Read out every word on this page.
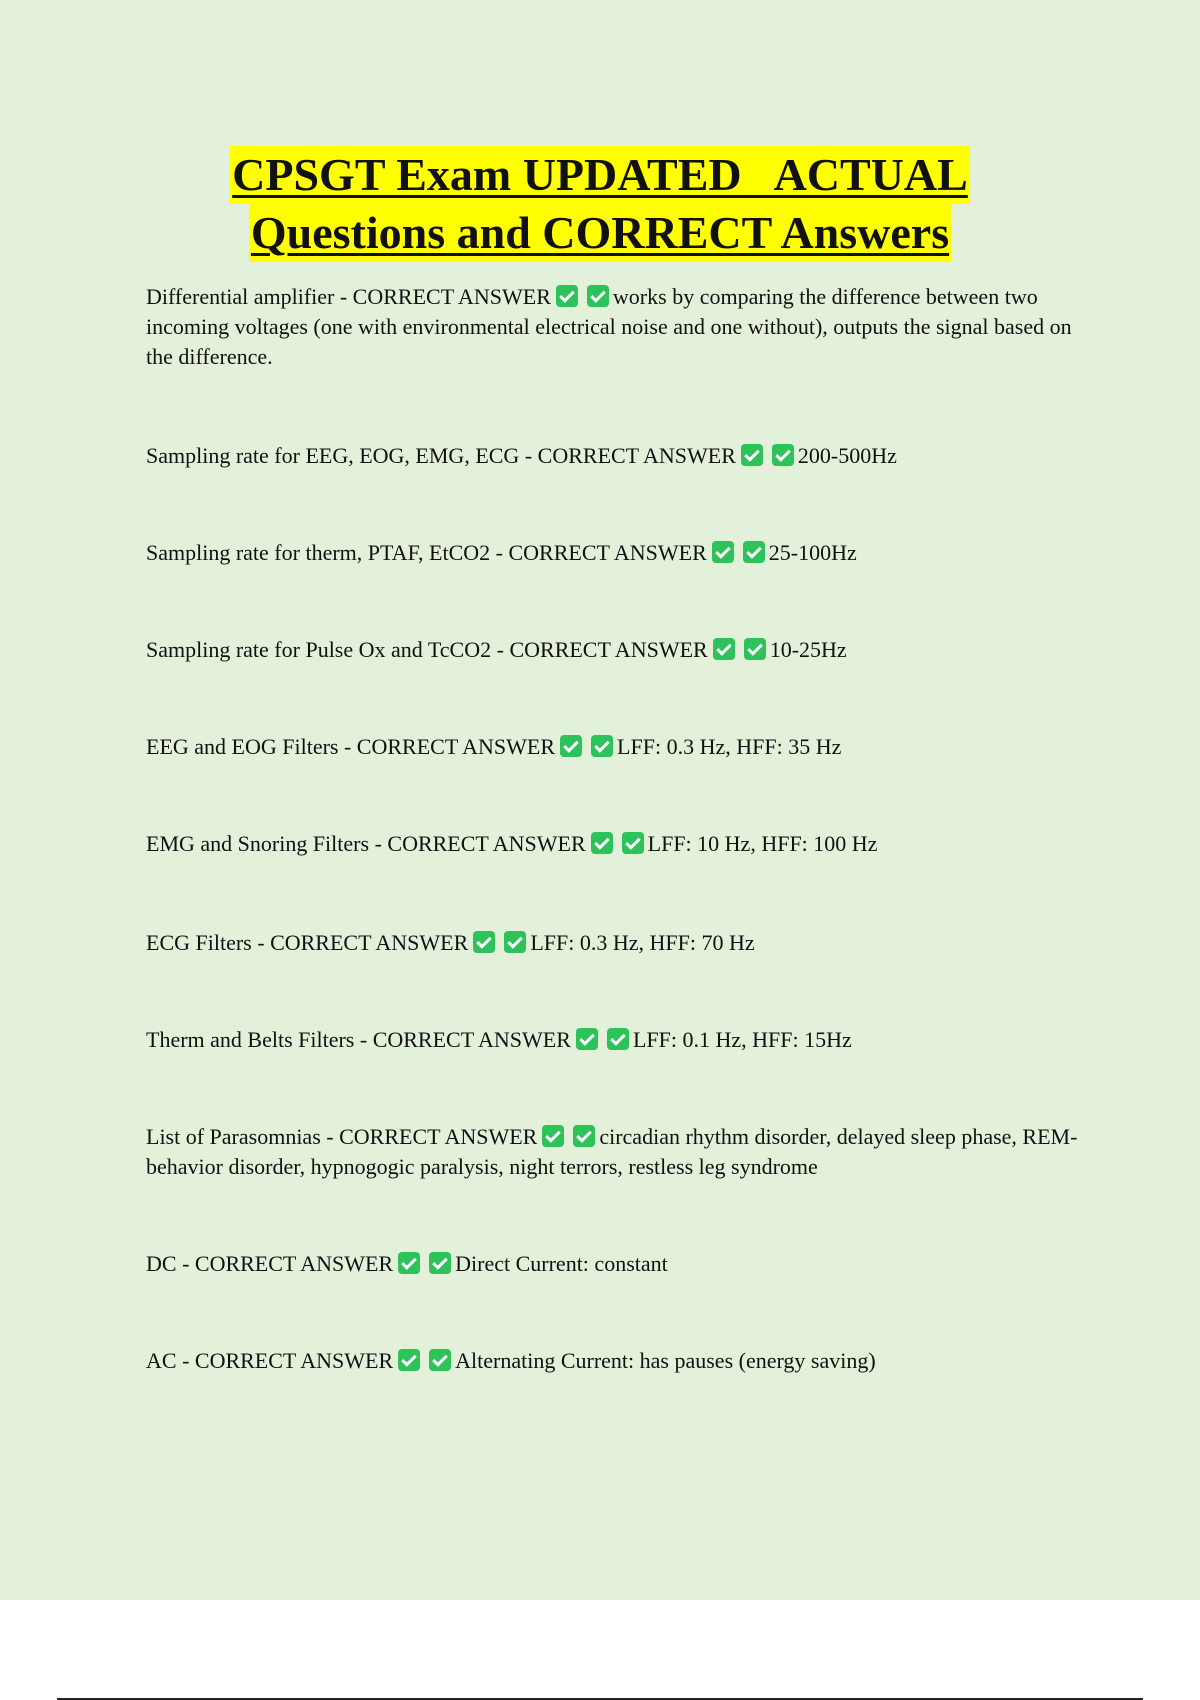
CPSGT Exam UPDATED   ACTUAL
Questions and CORRECT Answers

Differential amplifier - CORRECT ANSWER	works by comparing the difference between two incoming voltages (one with environmental electrical noise and one without), outputs the signal based on the difference.

Sampling rate for EEG, EOG, EMG, ECG - CORRECT ANSWER	200-500Hz

Sampling rate for therm, PTAF, EtCO2 - CORRECT ANSWER	25-100Hz

Sampling rate for Pulse Ox and TcCO2 - CORRECT ANSWER	10-25Hz

EEG and EOG Filters - CORRECT ANSWER	LFF: 0.3 Hz, HFF: 35 Hz

EMG and Snoring Filters - CORRECT ANSWER	LFF: 10 Hz, HFF: 100 Hz

ECG Filters - CORRECT ANSWER	LFF: 0.3 Hz, HFF: 70 Hz

Therm and Belts Filters - CORRECT ANSWER	LFF: 0.1 Hz, HFF: 15Hz

List of Parasomnias - CORRECT ANSWER	circadian rhythm disorder, delayed sleep phase, REM-behavior disorder, hypnogogic paralysis, night terrors, restless leg syndrome

DC - CORRECT ANSWER	Direct Current: constant

AC - CORRECT ANSWER	Alternating Current: has pauses (energy saving)
